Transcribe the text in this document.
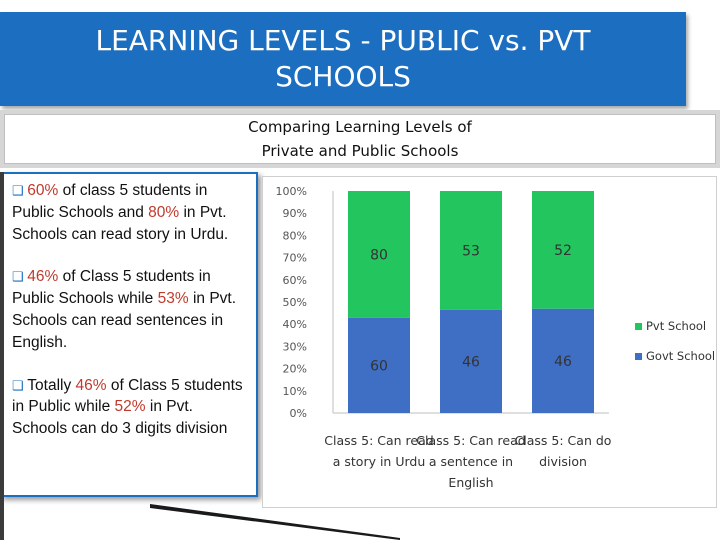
LEARNING LEVELS - PUBLIC vs. PVT SCHOOLS
Comparing Learning Levels of
Private and Public Schools
❑ 60% of class 5 students in Public Schools and 80% in Pvt. Schools can read story in Urdu.
❑ 46% of Class 5 students in Public Schools while 53% in Pvt. Schools can read sentences in English.
❑ Totally 46% of Class 5 students in Public while 52% in Pvt. Schools can do 3 digits division
0%
10%
20%
30%
40%
50%
60%
70%
80%
90%
100%
80
60
Class 5: Can read
a story in Urdu
53
46
Class 5: Can read
a sentence in
English
52
46
Class 5: Can do
division
Pvt School
Govt School
